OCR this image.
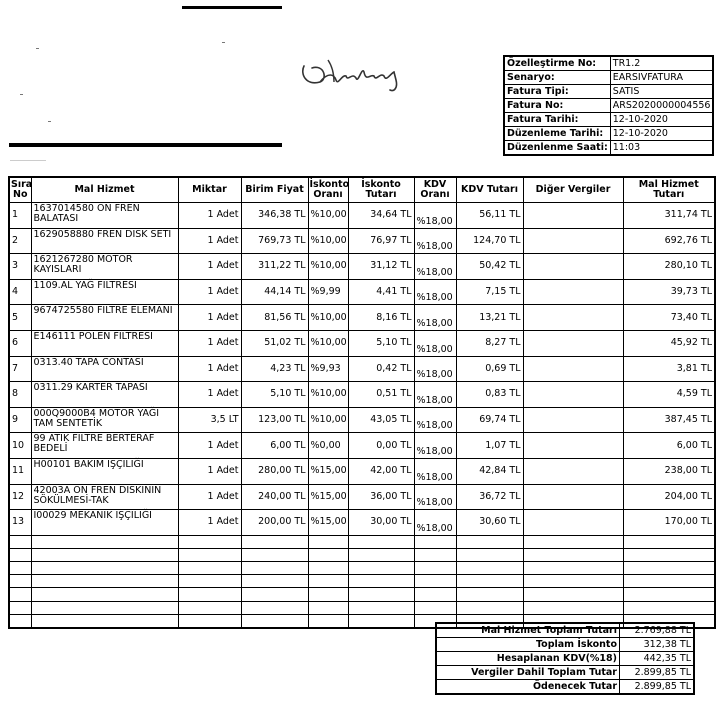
Özelleştirme No:	TR1.2
Senaryo:	EARSIVFATURA
Fatura Tipi:	SATIS
Fatura No:	ARS2020000004556
Fatura Tarihi:	12-10-2020
Düzenleme Tarihi:	12-10-2020
Düzenlenme Saati:	11:03
Sıra No	Mal Hizmet	Miktar	Birim Fiyat	İskonto Oranı	İskonto Tutarı	KDV Oranı	KDV Tutarı	Diğer Vergiler	Mal Hizmet Tutarı
1	1637014580 ÖN FREN BALATASI	1 Adet	346,38 TL	%10,00	34,64 TL	%18,00	56,11 TL		311,74 TL
2	1629058880 FREN DISK SETI	1 Adet	769,73 TL	%10,00	76,97 TL	%18,00	124,70 TL		692,76 TL
3	1621267280 MOTOR KAYISLARI	1 Adet	311,22 TL	%10,00	31,12 TL	%18,00	50,42 TL		280,10 TL
4	1109.AL YAĞ FİLTRESİ	1 Adet	44,14 TL	%9,99	4,41 TL	%18,00	7,15 TL		39,73 TL
5	9674725580 FILTRE ELEMANI	1 Adet	81,56 TL	%10,00	8,16 TL	%18,00	13,21 TL		73,40 TL
6	E146111 POLEN FİLTRESİ	1 Adet	51,02 TL	%10,00	5,10 TL	%18,00	8,27 TL		45,92 TL
7	0313.40 TAPA CONTASI	1 Adet	4,23 TL	%9,93	0,42 TL	%18,00	0,69 TL		3,81 TL
8	0311.29 KARTER TAPASI	1 Adet	5,10 TL	%10,00	0,51 TL	%18,00	0,83 TL		4,59 TL
9	000Q9000B4 MOTOR YAĞI TAM SENTETİK	3,5 LT	123,00 TL	%10,00	43,05 TL	%18,00	69,74 TL		387,45 TL
10	99 ATIK FİLTRE BERTERAF BEDELİ	1 Adet	6,00 TL	%0,00	0,00 TL	%18,00	1,07 TL		6,00 TL
11	H00101 BAKIM İŞÇİLİĞİ	1 Adet	280,00 TL	%15,00	42,00 TL	%18,00	42,84 TL		238,00 TL
12	42003A ÖN FREN DİSKİNİN SÖKÜLMESİ-TAK	1 Adet	240,00 TL	%15,00	36,00 TL	%18,00	36,72 TL		204,00 TL
13	I00029 MEKANİK İŞÇİLİĞİ	1 Adet	200,00 TL	%15,00	30,00 TL	%18,00	30,60 TL		170,00 TL

Mal Hizmet Toplam Tutarı	2.769,88 TL
Toplam İskonto	312,38 TL
Hesaplanan KDV(%18)	442,35 TL
Vergiler Dahil Toplam Tutar	2.899,85 TL
Ödenecek Tutar	2.899,85 TL
